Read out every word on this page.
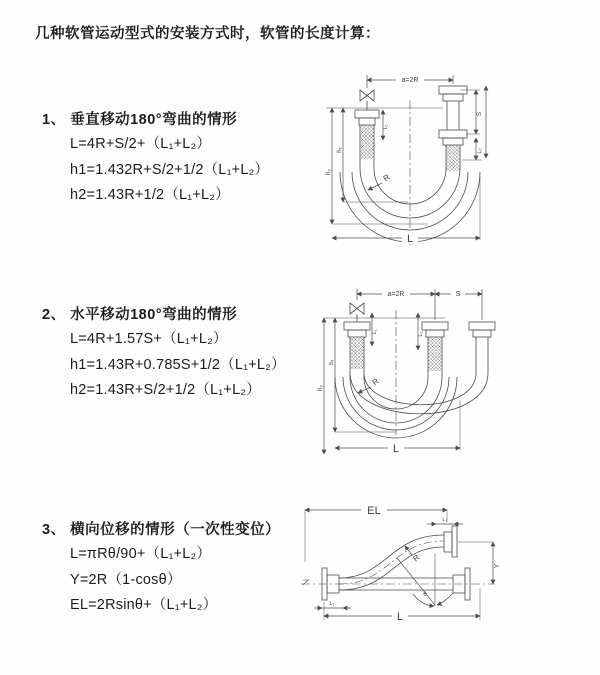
几种软管运动型式的安装方式时，软管的长度计算：
1、 垂直移动180°弯曲的情形
L=4R+S/2+（L₁+L₂）
h1=1.432R+S/2+1/2（L₁+L₂）
h2=1.43R+1/2（L₁+L₂）
a=2R
h₁
h₂
L
L₁
S
L₂
R
2、 水平移动180°弯曲的情形
L=4R+1.57S+（L₁+L₂）
h1=1.43R+0.785S+1/2（L₁+L₂）
h2=1.43R+S/2+1/2（L₁+L₂）
a=2R	S
h₁
h₂
L
L₁	L₂
R
3、 横向位移的情形（一次性变位）
L=πRθ/90+（L₁+L₂）
Y=2R（1-cosθ）
EL=2Rsinθ+（L₁+L₂）
EL
L₂
Y
L
L₁
R
θ
